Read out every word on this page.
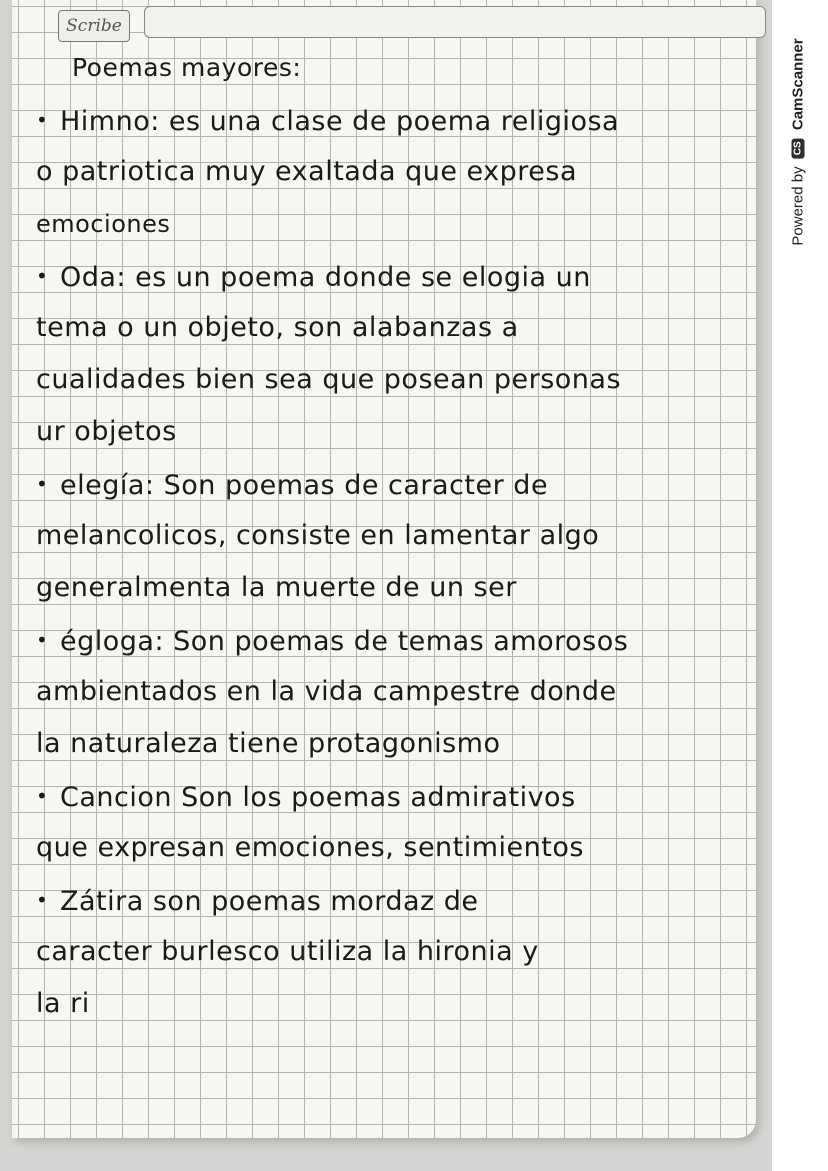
Scribe
Poemas mayores:
• Himno: es una clase de poema religiosa
o patriotica muy exaltada que expresa
emociones
• Oda: es un poema donde se elogia un
tema o un objeto, son alabanzas a
cualidades bien sea que posean personas
ur objetos
• elegía: Son poemas de caracter de
melancolicos, consiste en lamentar algo
generalmenta la muerte de un ser
• égloga: Son poemas de temas amorosos
ambientados en la vida campestre donde
la naturaleza tiene protagonismo
• Cancion Son los poemas admirativos
que expresan emociones, sentimientos
• Zátira son poemas mordaz de
caracter burlesco utiliza la hironia y
la ri
Powered by CS CamScanner
